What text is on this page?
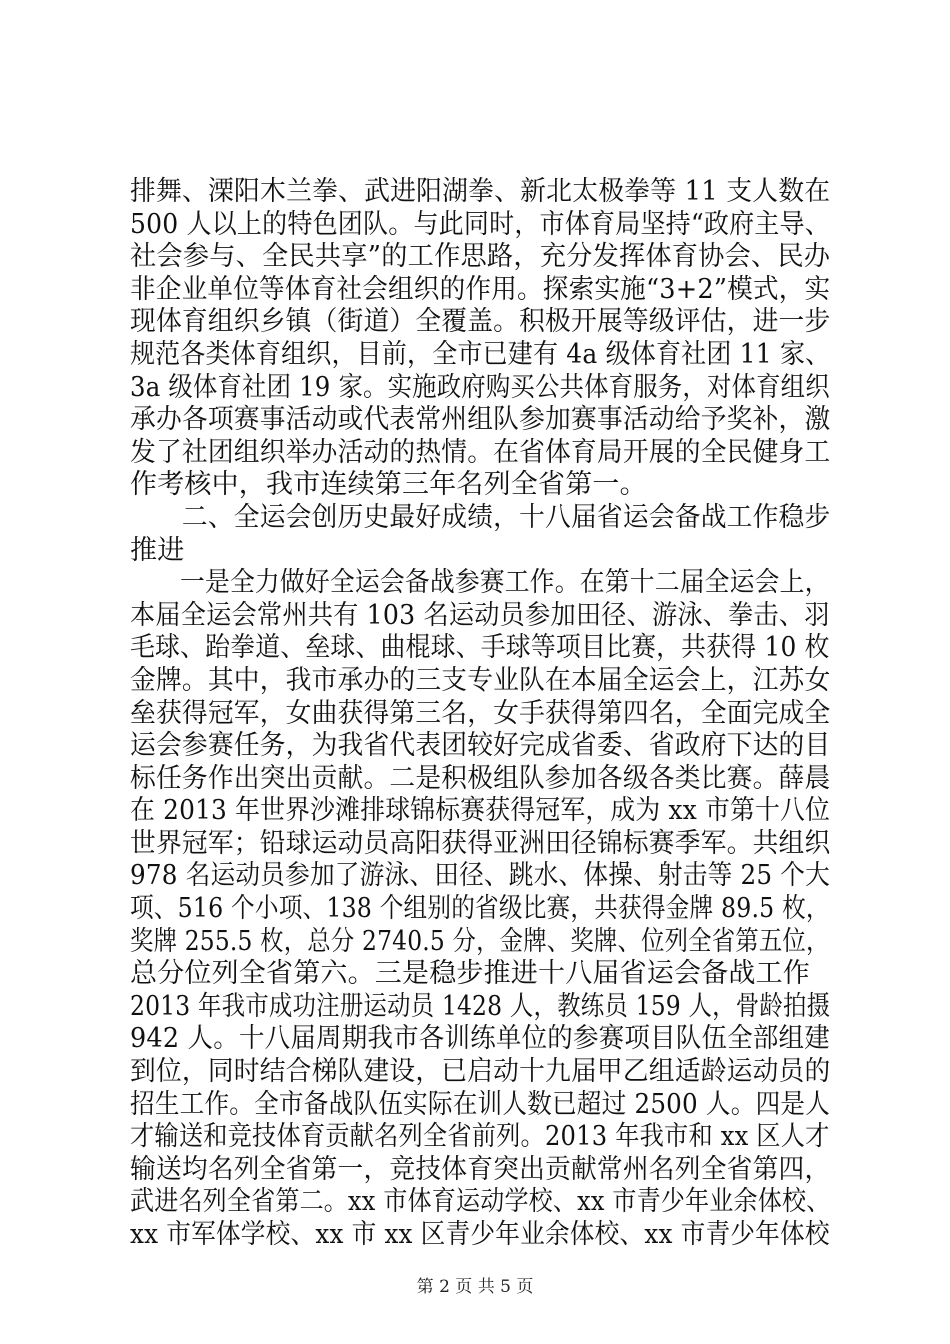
排舞、溧阳木兰拳、武进阳湖拳、新北太极拳等 11 支人数在
500 人以上的特色团队。与此同时，市体育局坚持“政府主导、
社会参与、全民共享”的工作思路，充分发挥体育协会、民办
非企业单位等体育社会组织的作用。探索实施“3+2”模式，实
现体育组织乡镇（街道）全覆盖。积极开展等级评估，进一步
规范各类体育组织，目前，全市已建有 4a 级体育社团 11 家、
3a 级体育社团 19 家。实施政府购买公共体育服务，对体育组织
承办各项赛事活动或代表常州组队参加赛事活动给予奖补，激
发了社团组织举办活动的热情。在省体育局开展的全民健身工
作考核中，我市连续第三年名列全省第一。
　　二、全运会创历史最好成绩，十八届省运会备战工作稳步
推进
　　一是全力做好全运会备战参赛工作。在第十二届全运会上，
本届全运会常州共有 103 名运动员参加田径、游泳、拳击、羽
毛球、跆拳道、垒球、曲棍球、手球等项目比赛，共获得 10 枚
金牌。其中，我市承办的三支专业队在本届全运会上，江苏女
垒获得冠军，女曲获得第三名，女手获得第四名，全面完成全
运会参赛任务，为我省代表团较好完成省委、省政府下达的目
标任务作出突出贡献。二是积极组队参加各级各类比赛。薛晨
在 2013 年世界沙滩排球锦标赛获得冠军，成为 xx 市第十八位
世界冠军；铅球运动员高阳获得亚洲田径锦标赛季军。共组织
978 名运动员参加了游泳、田径、跳水、体操、射击等 25 个大
项、516 个小项、138 个组别的省级比赛，共获得金牌 89.5 枚，
奖牌 255.5 枚，总分 2740.5 分，金牌、奖牌、位列全省第五位，
总分位列全省第六。三是稳步推进十八届省运会备战工作
2013 年我市成功注册运动员 1428 人，教练员 159 人，骨龄拍摄
942 人。十八届周期我市各训练单位的参赛项目队伍全部组建
到位，同时结合梯队建设，已启动十九届甲乙组适龄运动员的
招生工作。全市备战队伍实际在训人数已超过 2500 人。四是人
才输送和竞技体育贡献名列全省前列。2013 年我市和 xx 区人才
输送均名列全省第一，竞技体育突出贡献常州名列全省第四，
武进名列全省第二。xx 市体育运动学校、xx 市青少年业余体校、
xx 市军体学校、xx 市 xx 区青少年业余体校、xx 市青少年体校
第 2 页 共 5 页
